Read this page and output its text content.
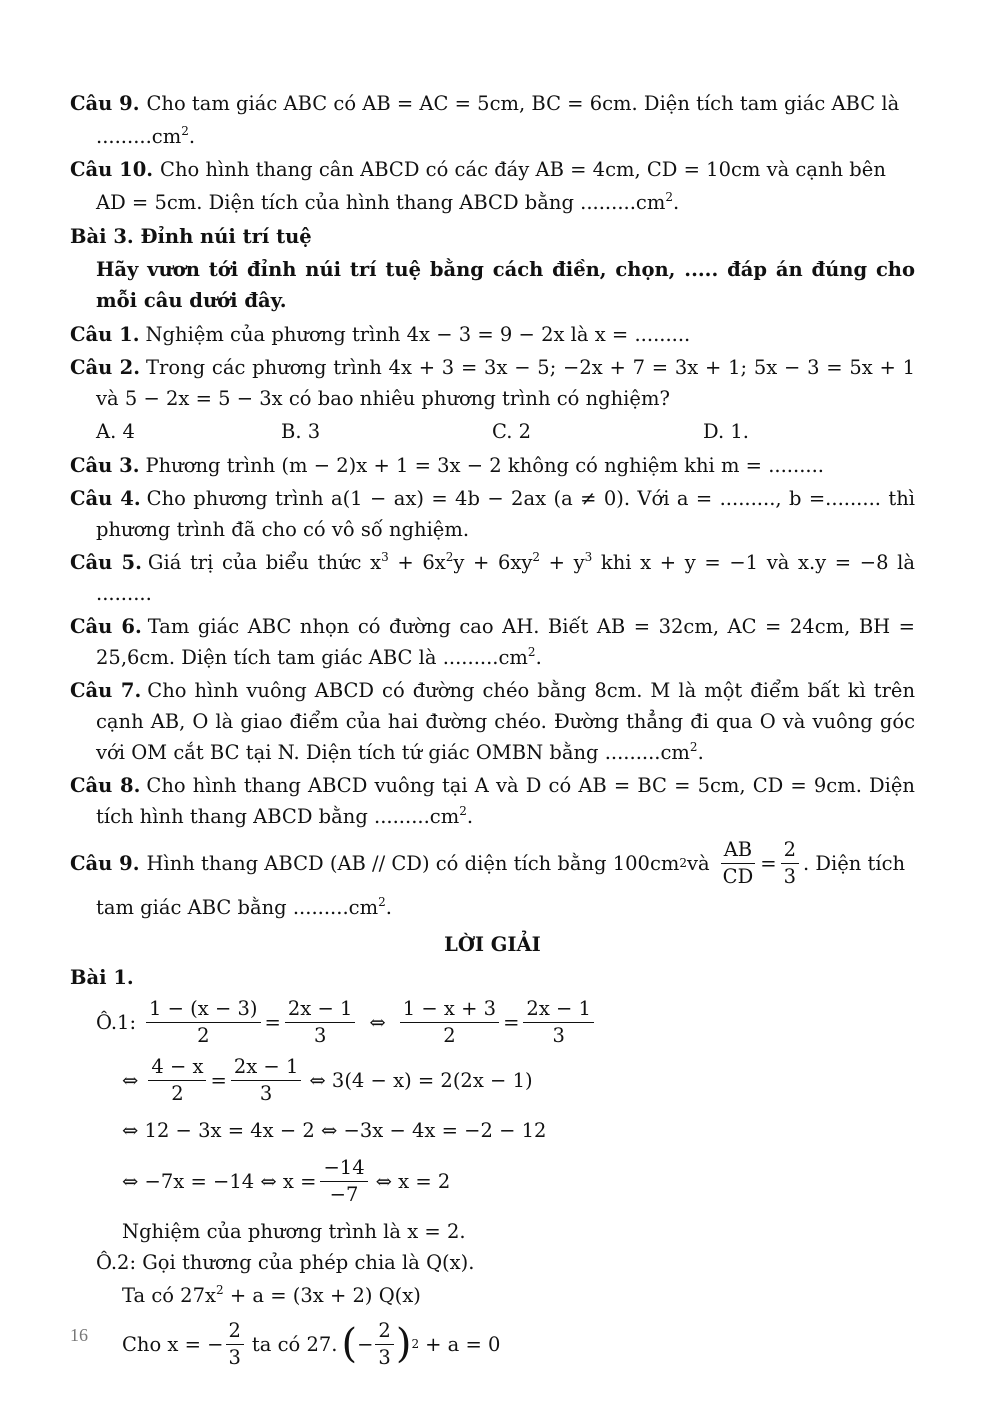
Câu 9. Cho tam giác ABC có AB = AC = 5cm, BC = 6cm. Diện tích tam giác ABC là
$.........cm^2$.
Câu 10. Cho hình thang cân ABCD có các đáy AB = 4cm, CD = 10cm và cạnh bên
AD = 5cm. Diện tích của hình thang ABCD bằng $.........cm^2$.
Bài 3. Đỉnh núi trí tuệ
Hãy vươn tới đỉnh núi trí tuệ bằng cách điền, chọn, ..... đáp án đúng cho mỗi câu dưới đây.
Câu 1. Nghiệm của phương trình 4x − 3 = 9 − 2x là x = .........
Câu 2. Trong các phương trình 4x + 3 = 3x − 5; −2x + 7 = 3x + 1; 5x − 3 = 5x + 1 và 5 − 2x = 5 − 3x có bao nhiêu phương trình có nghiệm?
A. 4	B. 3	C. 2	D. 1.
Câu 3. Phương trình (m − 2)x + 1 = 3x − 2 không có nghiệm khi m = .........
Câu 4. Cho phương trình a(1 − ax) = 4b − 2ax (a ≠ 0). Với a = ........., b =......... thì phương trình đã cho có vô số nghiệm.
Câu 5. Giá trị của biểu thức $x^3 + 6x^2y + 6xy^2 + y^3$ khi x + y = −1 và x.y = −8 là .........
Câu 6. Tam giác ABC nhọn có đường cao AH. Biết AB = 32cm, AC = 24cm, BH = 25,6cm. Diện tích tam giác ABC là $.........cm^2$.
Câu 7. Cho hình vuông ABCD có đường chéo bằng 8cm. M là một điểm bất kì trên cạnh AB, O là giao điểm của hai đường chéo. Đường thẳng đi qua O và vuông góc với OM cắt BC tại N. Diện tích tứ giác OMBN bằng $.........cm^2$.
Câu 8. Cho hình thang ABCD vuông tại A và D có AB = BC = 5cm, CD = 9cm. Diện tích hình thang ABCD bằng $.........cm^2$.
Câu 9. Hình thang ABCD (AB // CD) có diện tích bằng 100cm 2 và $\frac{AB}{CD} = \frac{2}{3}$ . Diện tích
tam giác ABC bằng $.........cm^2$.
LỜI GIẢI
Bài 1.
Ô.1: $\frac{1 - (x - 3)}{2} = \frac{2x - 1}{3}$ ⇔ $\frac{1 - x + 3}{2} = \frac{2x - 1}{3}$
⇔ $\frac{4 - x}{2} = \frac{2x - 1}{3}$ ⇔ 3(4 − x) = 2(2x − 1)
⇔ 12 − 3x = 4x − 2 ⇔ −3x − 4x = −2 − 12
⇔ −7x = −14 ⇔ $x = \frac{-14}{-7}$ ⇔ x = 2
Nghiệm của phương trình là x = 2.
Ô.2: Gọi thương của phép chia là Q(x).
Ta có $27x^2 + a = (3x + 2)$ Q(x)
Cho x = − $\frac{2}{3}$ ta có 27. ( − $\frac{2}{3}$ ) 2 + a = 0
16
